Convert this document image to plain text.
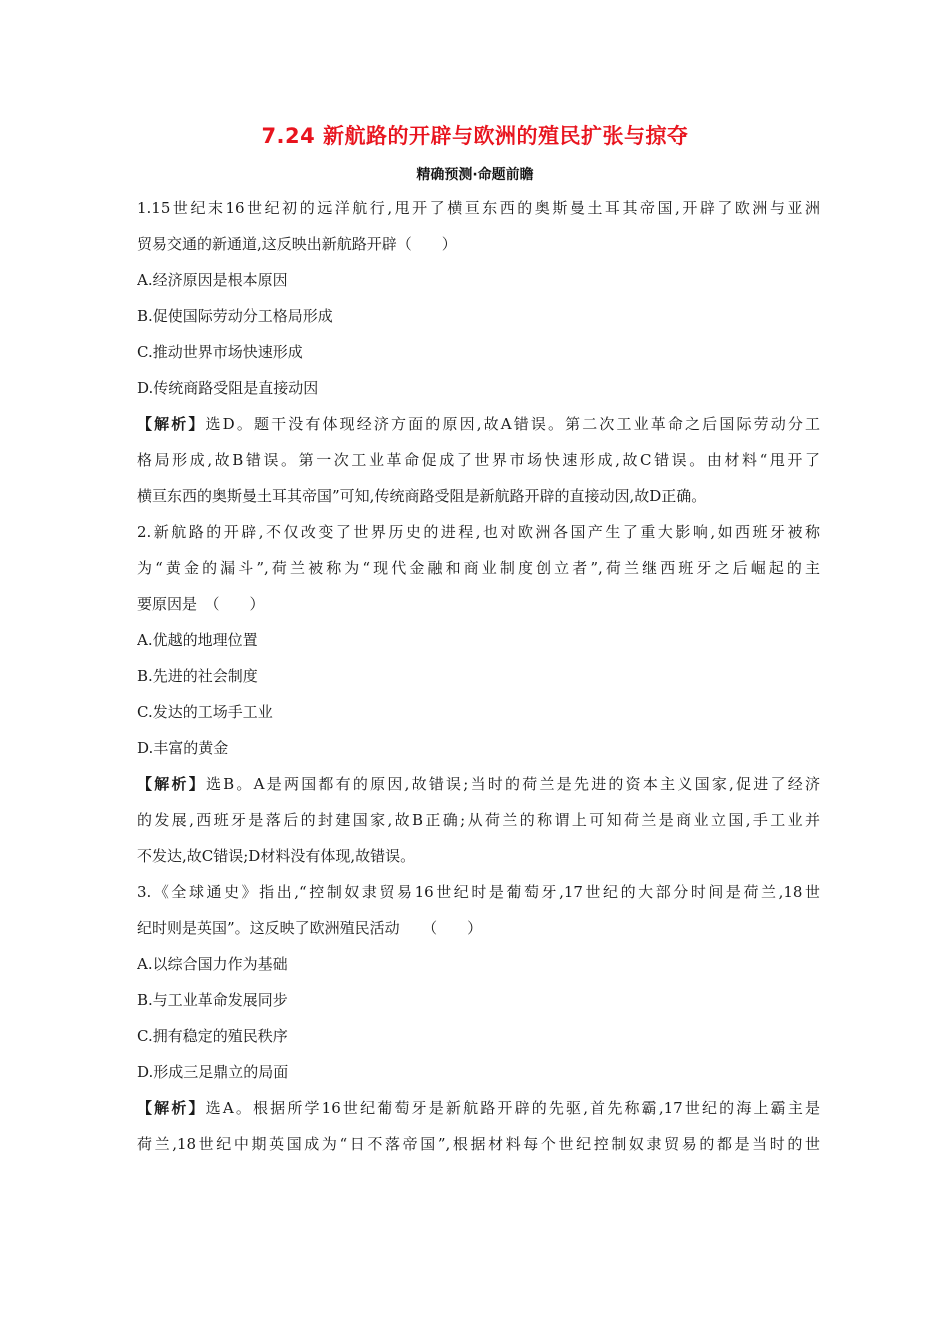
7.24 新航路的开辟与欧洲的殖民扩张与掠夺
精确预测·命题前瞻
1.15世纪末16世纪初的远洋航行,甩开了横亘东西的奥斯曼土耳其帝国,开辟了欧洲与亚洲
贸易交通的新通道,这反映出新航路开辟（　　）
A.经济原因是根本原因
B.促使国际劳动分工格局形成
C.推动世界市场快速形成
D.传统商路受阻是直接动因
【解析】选D。题干没有体现经济方面的原因,故A错误。第二次工业革命之后国际劳动分工
格局形成,故B错误。第一次工业革命促成了世界市场快速形成,故C错误。由材料“甩开了
横亘东西的奥斯曼土耳其帝国”可知,传统商路受阻是新航路开辟的直接动因,故D正确。
2.新航路的开辟,不仅改变了世界历史的进程,也对欧洲各国产生了重大影响,如西班牙被称
为“黄金的漏斗”,荷兰被称为“现代金融和商业制度创立者”,荷兰继西班牙之后崛起的主
要原因是　（　　）
A.优越的地理位置
B.先进的社会制度
C.发达的工场手工业
D.丰富的黄金
【解析】选B。A是两国都有的原因,故错误;当时的荷兰是先进的资本主义国家,促进了经济
的发展,西班牙是落后的封建国家,故B正确;从荷兰的称谓上可知荷兰是商业立国,手工业并
不发达,故C错误;D材料没有体现,故错误。
3.《全球通史》指出,“控制奴隶贸易16世纪时是葡萄牙,17世纪的大部分时间是荷兰,18世
纪时则是英国”。这反映了欧洲殖民活动　　（　　）
A.以综合国力作为基础
B.与工业革命发展同步
C.拥有稳定的殖民秩序
D.形成三足鼎立的局面
【解析】选A。根据所学16世纪葡萄牙是新航路开辟的先驱,首先称霸,17世纪的海上霸主是
荷兰,18世纪中期英国成为“日不落帝国”,根据材料每个世纪控制奴隶贸易的都是当时的世
